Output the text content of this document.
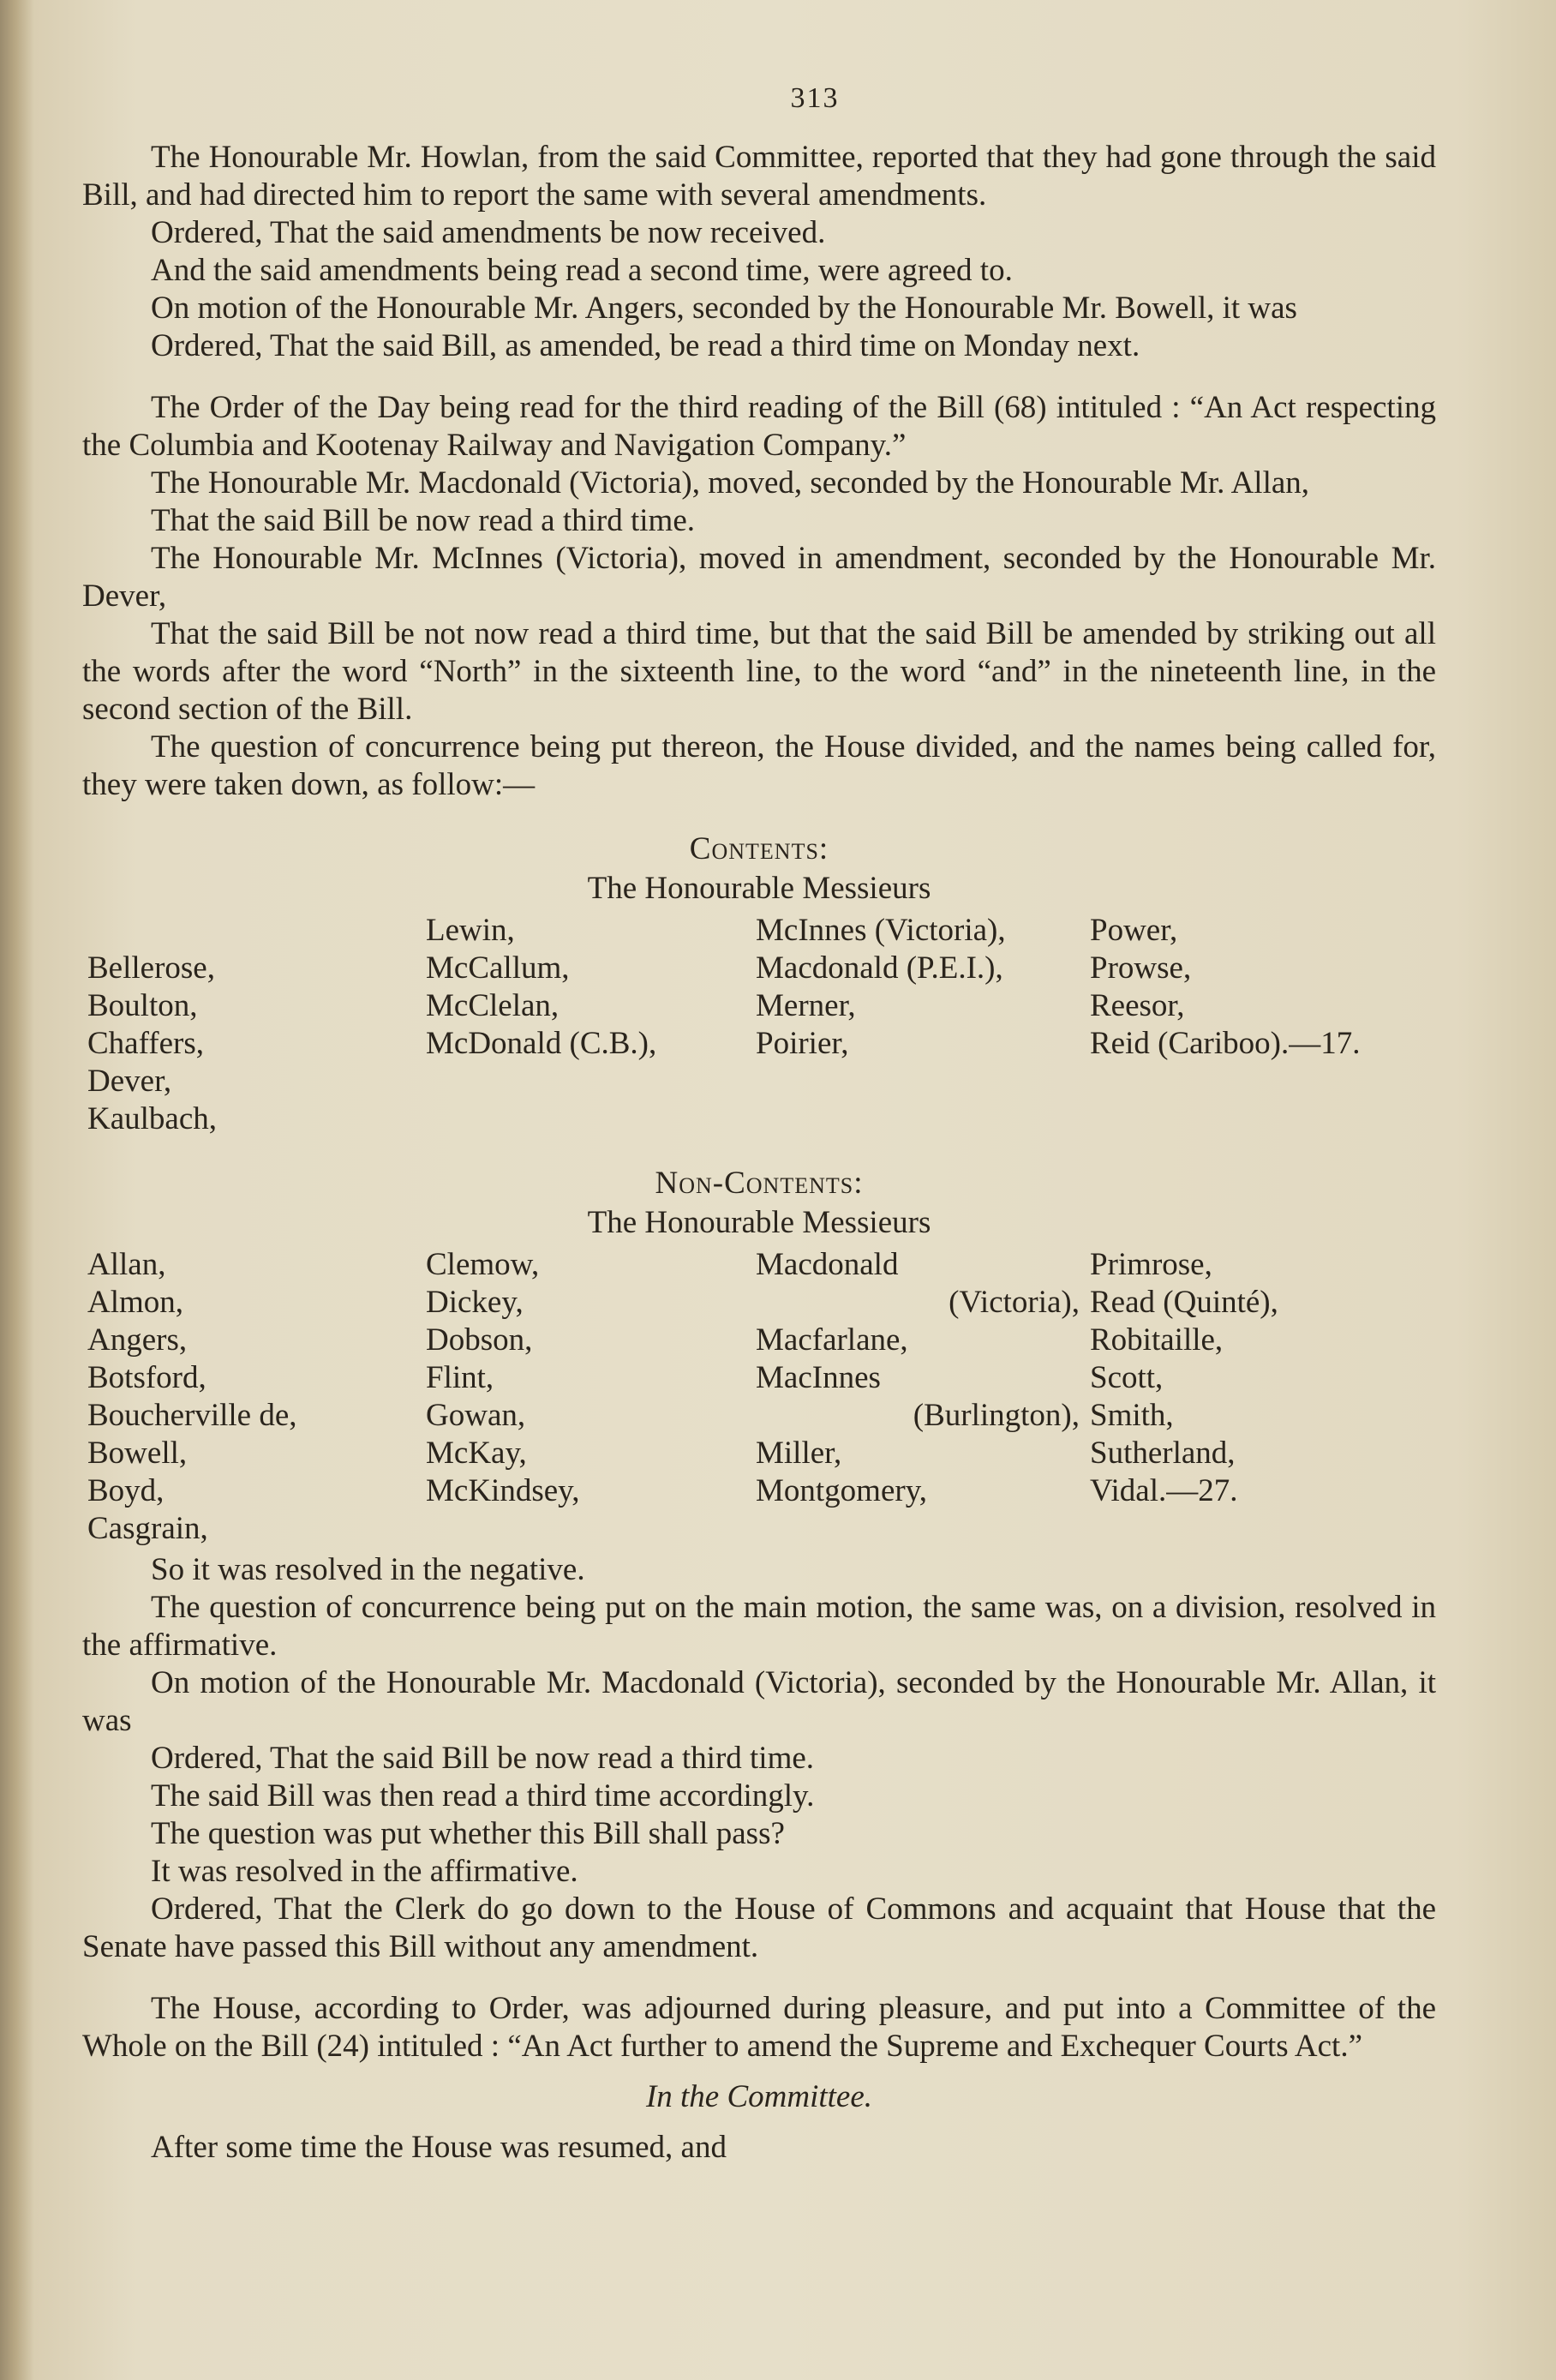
313

The Honourable Mr. Howlan, from the said Committee, reported that they had gone through the said Bill, and had directed him to report the same with several amendments.

Ordered, That the said amendments be now received.

And the said amendments being read a second time, were agreed to.

On motion of the Honourable Mr. Angers, seconded by the Honourable Mr. Bowell, it was

Ordered, That the said Bill, as amended, be read a third time on Monday next.

The Order of the Day being read for the third reading of the Bill (68) intituled : “An Act respecting the Columbia and Kootenay Railway and Navigation Company.”

The Honourable Mr. Macdonald (Victoria), moved, seconded by the Honourable Mr. Allan,

That the said Bill be now read a third time.

The Honourable Mr. McInnes (Victoria), moved in amendment, seconded by the Honourable Mr. Dever,

That the said Bill be not now read a third time, but that the said Bill be amended by striking out all the words after the word “North” in the sixteenth line, to the word “and” in the nineteenth line, in the second section of the Bill.

The question of concurrence being put thereon, the House divided, and the names being called for, they were taken down, as follow:—

Contents:
The Honourable Messieurs

Bellerose,
Boulton,
Chaffers,
Dever,
Kaulbach,
Lewin,
McCallum,
McClelan,
McDonald (C.B.),
McInnes (Victoria),
Macdonald (P.E.I.),
Merner,
Poirier,
Power,
Prowse,
Reesor,
Reid (Cariboo).—17.
Non-Contents:
The Honourable Messieurs
Allan,
Almon,
Angers,
Botsford,
Boucherville de,
Bowell,
Boyd,
Casgrain,
Clemow,
Dickey,
Dobson,
Flint,
Gowan,
McKay,
McKindsey,
Macdonald
(Victoria),
Macfarlane,
MacInnes
(Burlington),
Miller,
Montgomery,
Primrose,
Read (Quinté),
Robitaille,
Scott,
Smith,
Sutherland,
Vidal.—27.

So it was resolved in the negative.

The question of concurrence being put on the main motion, the same was, on a division, resolved in the affirmative.

On motion of the Honourable Mr. Macdonald (Victoria), seconded by the Honourable Mr. Allan, it was

Ordered, That the said Bill be now read a third time.

The said Bill was then read a third time accordingly.

The question was put whether this Bill shall pass?

It was resolved in the affirmative.

Ordered, That the Clerk do go down to the House of Commons and acquaint that House that the Senate have passed this Bill without any amendment.

The House, according to Order, was adjourned during pleasure, and put into a Committee of the Whole on the Bill (24) intituled : “An Act further to amend the Supreme and Exchequer Courts Act.”

In the Committee.

After some time the House was resumed, and
